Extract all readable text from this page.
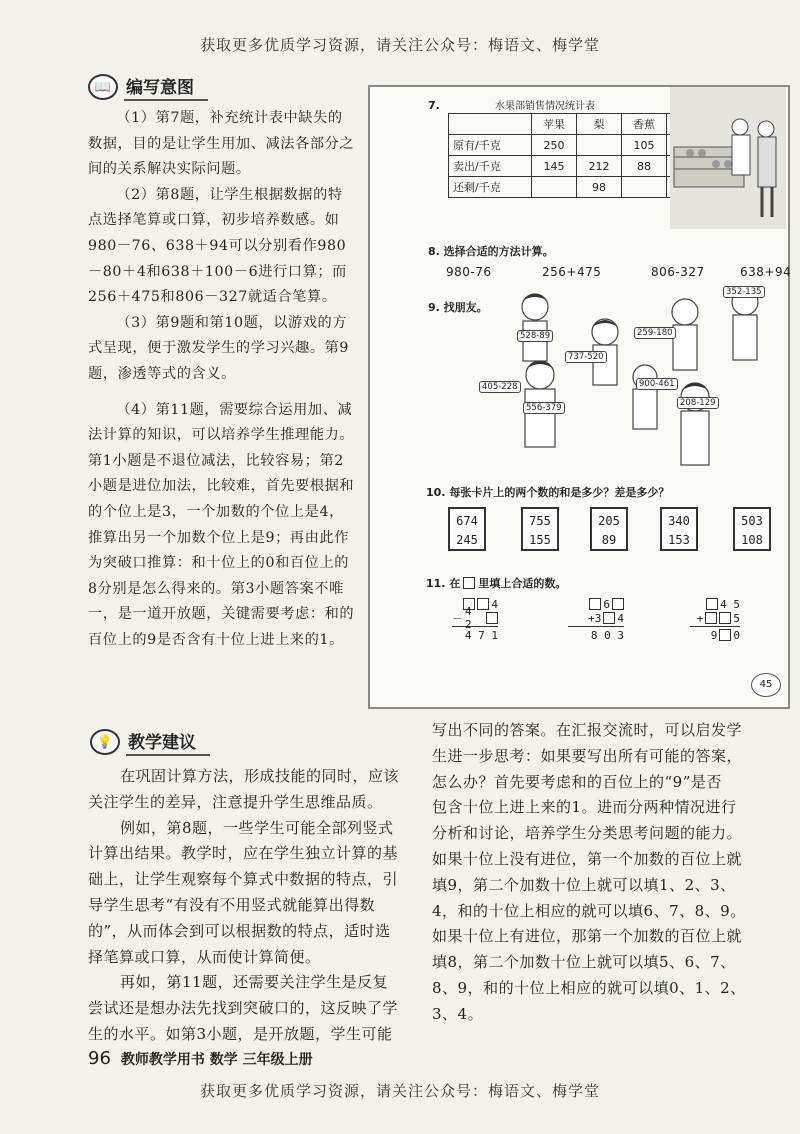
获取更多优质学习资源，请关注公众号：梅语文、梅学堂
📖 编写意图

（1）第7题，补充统计表中缺失的数据，目的是让学生用加、减法各部分之间的关系解决实际问题。

（2）第8题，让学生根据数据的特点选择笔算或口算，初步培养数感。如980－76、638＋94可以分别看作980－80＋4和638＋100－6进行口算；而256＋475和806－327就适合笔算。

（3）第9题和第10题，以游戏的方式呈现，便于激发学生的学习兴趣。第9题，渗透等式的含义。

（4）第11题，需要综合运用加、减法计算的知识，可以培养学生推理能力。第1小题是不退位减法，比较容易；第2小题是进位加法，比较难，首先要根据和的个位上是3，一个加数的个位上是4，推算出另一个加数个位上是9；再由此作为突破口推算：和十位上的0和百位上的8分别是怎么得来的。第3小题答案不唯一，是一道开放题，关键需要考虑：和的百位上的9是否含有十位上进上来的1。

7.	水果部销售情况统计表
	苹果	梨	香蕉	
原有/千克	250		105	
卖出/千克	145	212	88	
还剩/千克		98		
8. 选择合适的方法计算。
980-76	256+475	806-327	638+94
9. 找朋友。
528-89
737-520
405-228
556-379
259-180
352-135
900-461
208-129
10. 每张卡片上的两个数的和是多少？差是多少？
674
245
755
155
205
89
340
153
503
108
11. 在 里填上合适的数。
4
－ 4 2
4 7 1
6
+3 4
8 0 3
4 5
+	5
9 0
45
💡 教学建议
在巩固计算方法，形成技能的同时，应该
关注学生的差异，注意提升学生思维品质。
例如，第8题，一些学生可能全部列竖式
计算出结果。教学时，应在学生独立计算的基
础上，让学生观察每个算式中数据的特点，引
导学生思考“有没有不用竖式就能算出得数
的”，从而体会到可以根据数的特点，适时选
择笔算或口算，从而使计算简便。
再如，第11题，还需要关注学生是反复
尝试还是想办法先找到突破口的，这反映了学
生的水平。如第3小题，是开放题，学生可能
写出不同的答案。在汇报交流时，可以启发学
生进一步思考：如果要写出所有可能的答案，
怎么办？首先要考虑和的百位上的“9”是否
包含十位上进上来的1。进而分两种情况进行
分析和讨论，培养学生分类思考问题的能力。
如果十位上没有进位，第一个加数的百位上就
填9，第二个加数十位上就可以填1、2、3、
4，和的十位上相应的就可以填6、7、8、9。
如果十位上有进位，那第一个加数的百位上就
填8，第二个加数十位上就可以填5、6、7、
8、9，和的十位上相应的就可以填0、1、2、
3、4。
96 教师教学用书 数学 三年级上册
获取更多优质学习资源，请关注公众号：梅语文、梅学堂
